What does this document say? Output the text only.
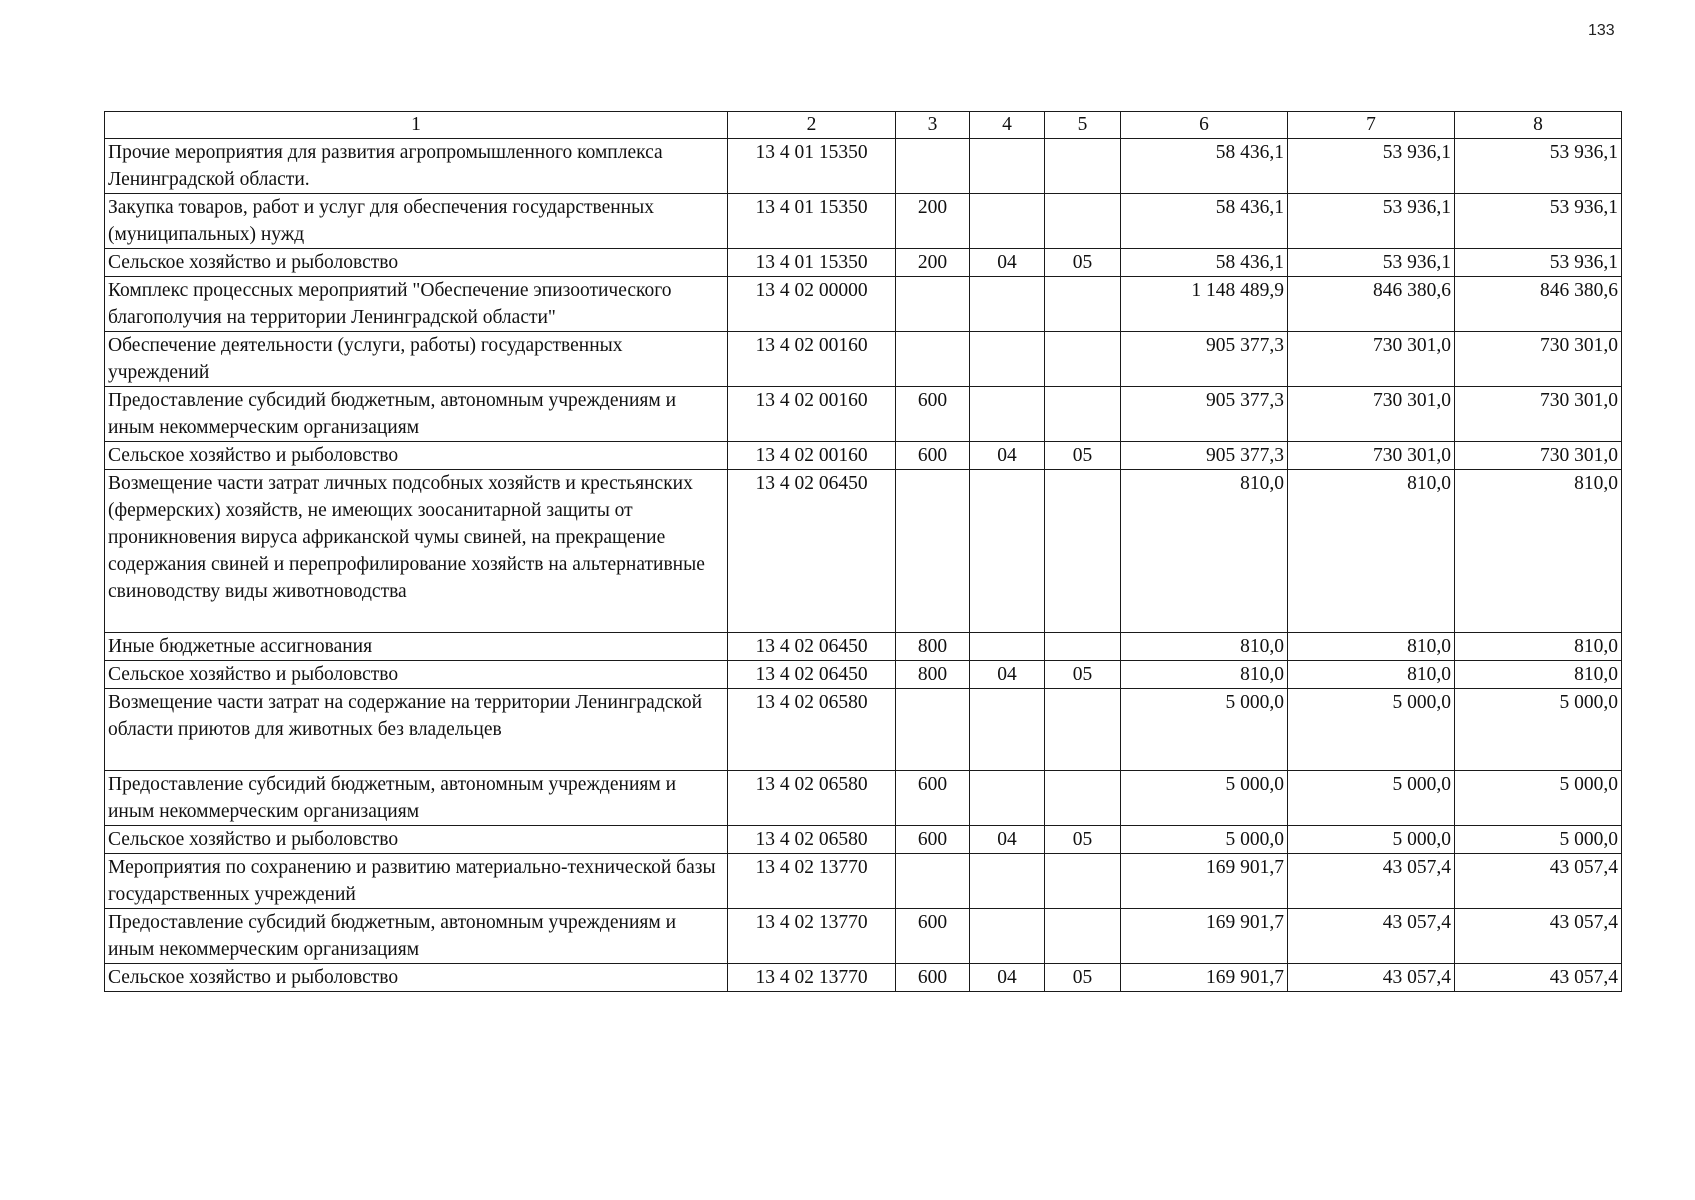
133
1	2	3	4	5	6	7	8
Прочие мероприятия для развития агропромышленного комплекса Ленинградской области.	13 4 01 15350				58 436,1	53 936,1	53 936,1
Закупка товаров, работ и услуг для обеспечения государственных (муниципальных) нужд	13 4 01 15350	200			58 436,1	53 936,1	53 936,1
Сельское хозяйство и рыболовство	13 4 01 15350	200	04	05	58 436,1	53 936,1	53 936,1
Комплекс процессных мероприятий "Обеспечение эпизоотического благополучия на территории Ленинградской области"	13 4 02 00000				1 148 489,9	846 380,6	846 380,6
Обеспечение деятельности (услуги, работы) государственных учреждений	13 4 02 00160				905 377,3	730 301,0	730 301,0
Предоставление субсидий бюджетным, автономным учреждениям и иным некоммерческим организациям	13 4 02 00160	600			905 377,3	730 301,0	730 301,0
Сельское хозяйство и рыболовство	13 4 02 00160	600	04	05	905 377,3	730 301,0	730 301,0
Возмещение части затрат личных подсобных хозяйств и крестьянских (фермерских) хозяйств, не имеющих зоосанитарной защиты от проникновения вируса африканской чумы свиней, на прекращение содержания свиней и перепрофилирование хозяйств на альтернативные свиноводству виды животноводства	13 4 02 06450				810,0	810,0	810,0
Иные бюджетные ассигнования	13 4 02 06450	800			810,0	810,0	810,0
Сельское хозяйство и рыболовство	13 4 02 06450	800	04	05	810,0	810,0	810,0
Возмещение части затрат на содержание на территории Ленинградской области приютов для животных без владельцев	13 4 02 06580				5 000,0	5 000,0	5 000,0
Предоставление субсидий бюджетным, автономным учреждениям и иным некоммерческим организациям	13 4 02 06580	600			5 000,0	5 000,0	5 000,0
Сельское хозяйство и рыболовство	13 4 02 06580	600	04	05	5 000,0	5 000,0	5 000,0
Мероприятия по сохранению и развитию материально-технической базы государственных учреждений	13 4 02 13770				169 901,7	43 057,4	43 057,4
Предоставление субсидий бюджетным, автономным учреждениям и иным некоммерческим организациям	13 4 02 13770	600			169 901,7	43 057,4	43 057,4
Сельское хозяйство и рыболовство	13 4 02 13770	600	04	05	169 901,7	43 057,4	43 057,4
